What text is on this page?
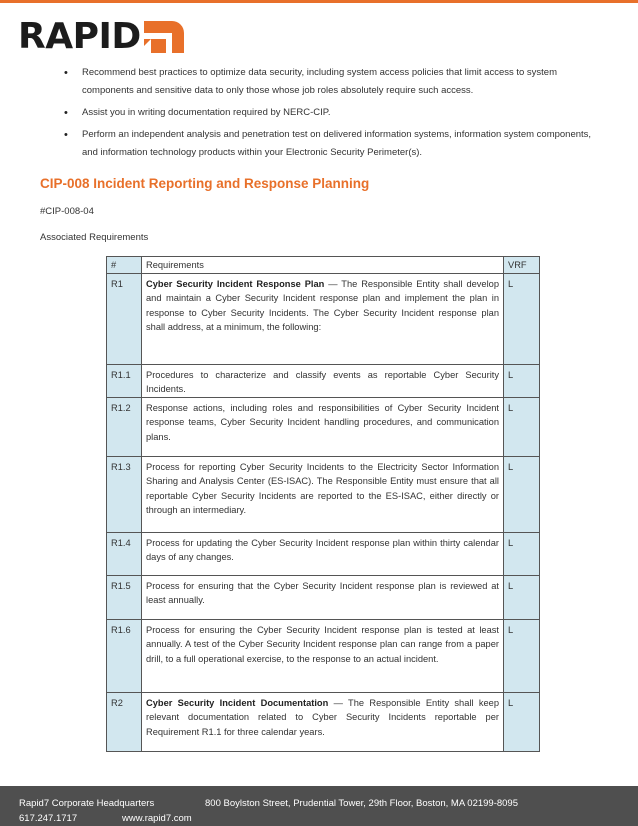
RAPID
• Recommend best practices to optimize data security, including system access policies that limit access to system components and sensitive data to only those whose job roles absolutely require such access.
• Assist you in writing documentation required by NERC-CIP.
• Perform an independent analysis and penetration test on delivered information systems, information system components, and information technology products within your Electronic Security Perimeter(s).
CIP-008 Incident Reporting and Response Planning
#CIP-008-04
Associated Requirements
#	Requirements	VRF
R1	Cyber Security Incident Response Plan — The Responsible Entity shall develop and maintain a Cyber Security Incident response plan and implement the plan in response to Cyber Security Incidents. The Cyber Security Incident response plan shall address, at a minimum, the following:	L
R1.1	Procedures to characterize and classify events as reportable Cyber Security Incidents.	L
R1.2	Response actions, including roles and responsibilities of Cyber Security Incident response teams, Cyber Security Incident handling procedures, and communication plans.	L
R1.3	Process for reporting Cyber Security Incidents to the Electricity Sector Information Sharing and Analysis Center (ES-ISAC). The Responsible Entity must ensure that all reportable Cyber Security Incidents are reported to the ES-ISAC, either directly or through an intermediary.	L
R1.4	Process for updating the Cyber Security Incident response plan within thirty calendar days of any changes.	L
R1.5	Process for ensuring that the Cyber Security Incident response plan is reviewed at least annually.	L
R1.6	Process for ensuring the Cyber Security Incident response plan is tested at least annually. A test of the Cyber Security Incident response plan can range from a paper drill, to a full operational exercise, to the response to an actual incident.	L
R2	Cyber Security Incident Documentation — The Responsible Entity shall keep relevant documentation related to Cyber Security Incidents reportable per Requirement R1.1 for three calendar years.	L
Rapid7 Corporate Headquarters	800 Boylston Street, Prudential Tower, 29th Floor, Boston, MA 02199-8095
617.247.1717	www.rapid7.com
